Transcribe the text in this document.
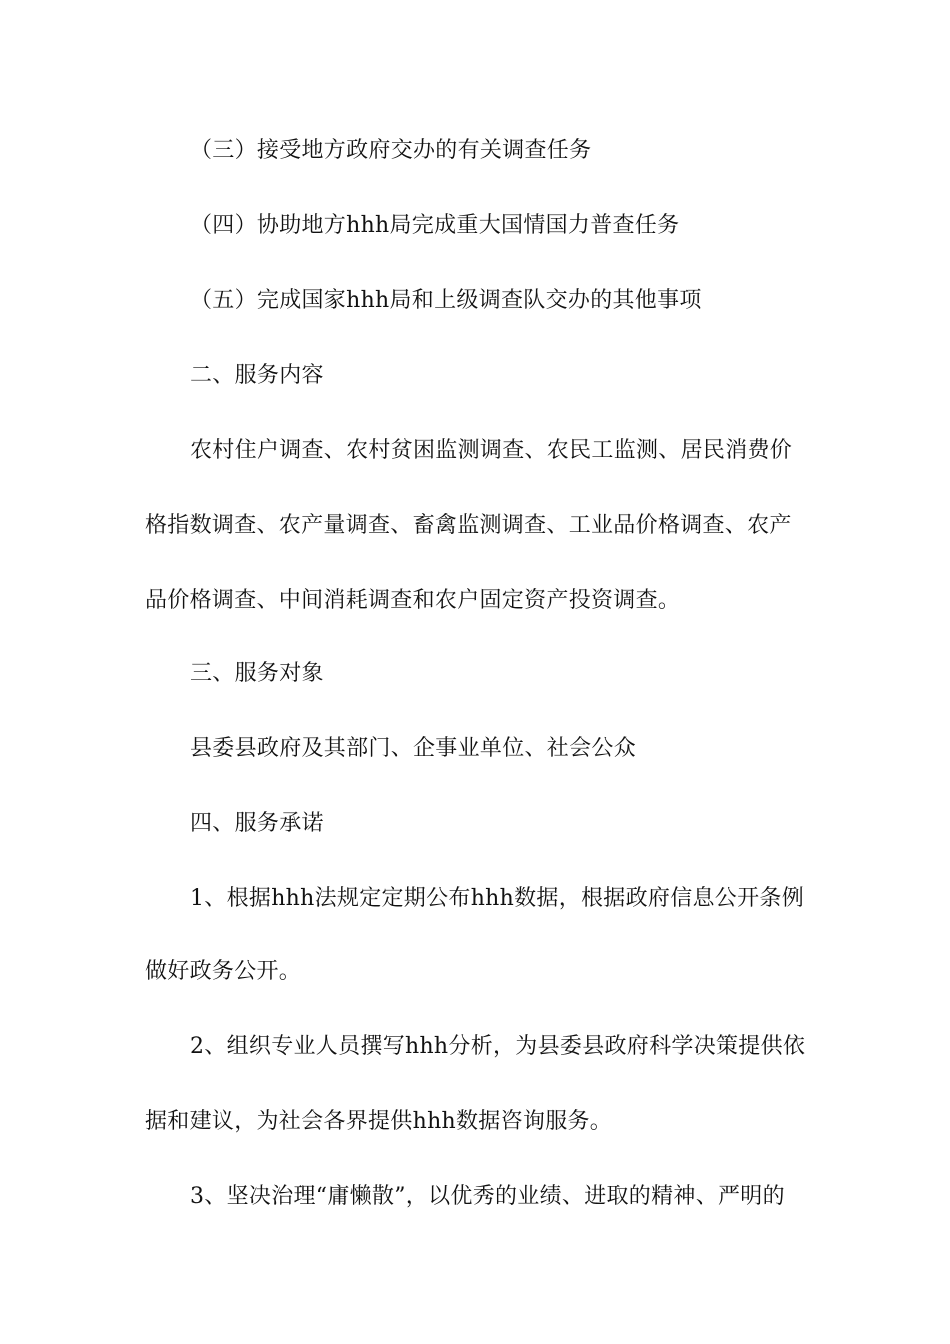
（三）接受地方政府交办的有关调查任务
（四）协助地方hhh局完成重大国情国力普查任务
（五）完成国家hhh局和上级调查队交办的其他事项
二、服务内容
农村住户调查、农村贫困监测调查、农民工监测、居民消费价
格指数调查、农产量调查、畜禽监测调查、工业品价格调查、农产
品价格调查、中间消耗调查和农户固定资产投资调查。
三、服务对象
县委县政府及其部门、企事业单位、社会公众
四、服务承诺
1、根据hhh法规定定期公布hhh数据，根据政府信息公开条例
做好政务公开。
2、组织专业人员撰写hhh分析，为县委县政府科学决策提供依
据和建议，为社会各界提供hhh数据咨询服务。
3、坚决治理“庸懒散”，以优秀的业绩、进取的精神、严明的
